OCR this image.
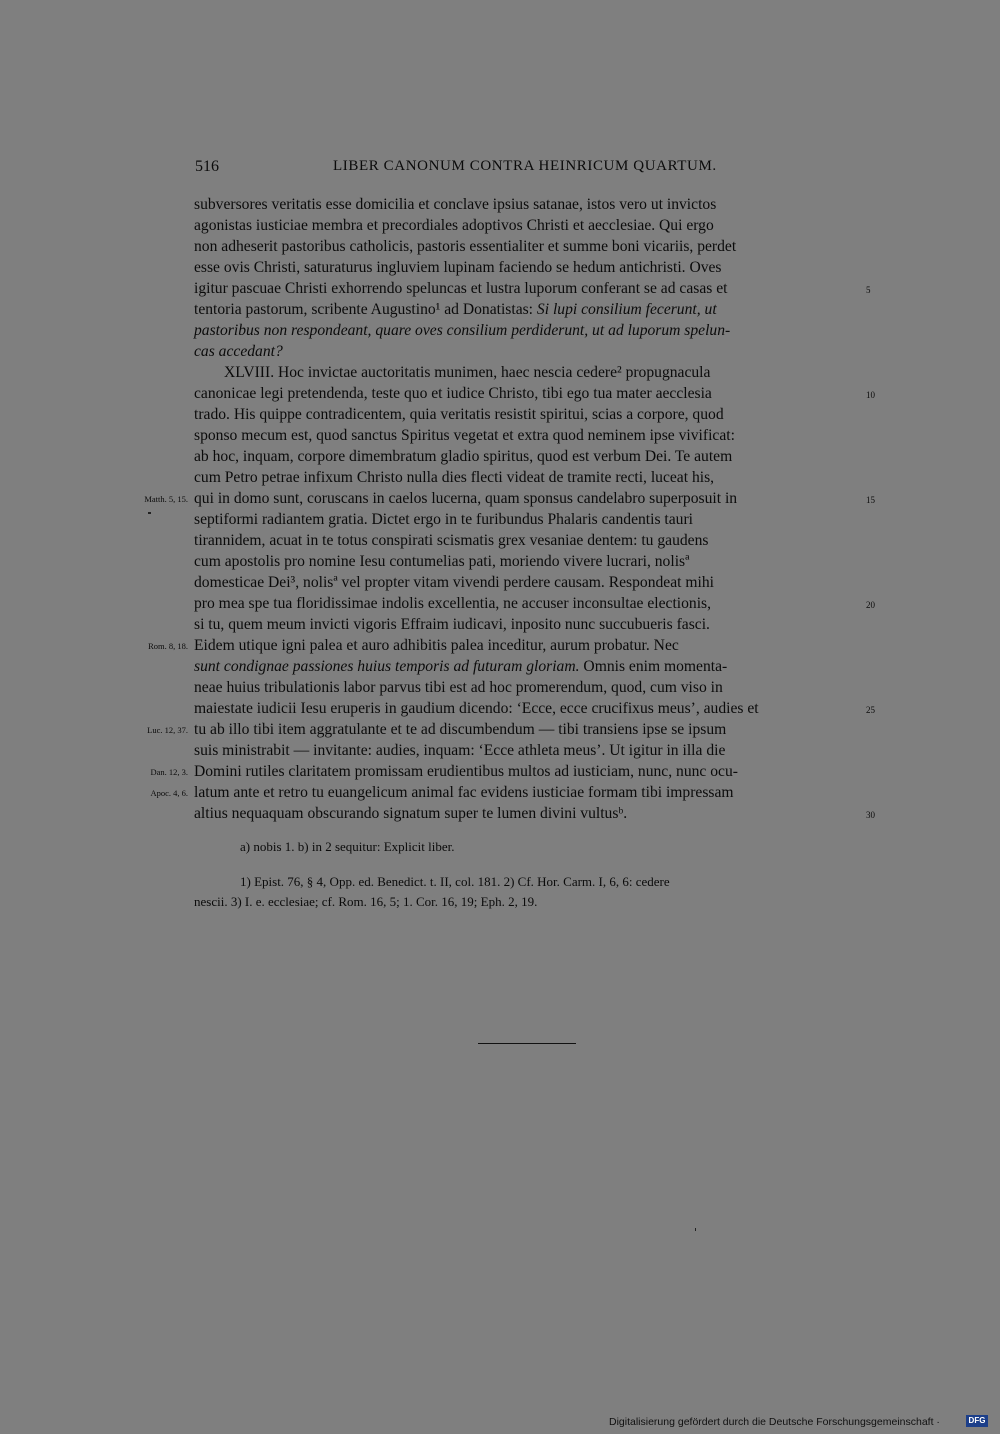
516	LIBER CANONUM CONTRA HEINRICUM QUARTUM.
subversores veritatis esse domicilia et conclave ipsius satanae, istos vero ut invictos
agonistas iusticiae membra et precordiales adoptivos Christi et aecclesiae. Qui ergo
non adheserit pastoribus catholicis, pastoris essentialiter et summe boni vicariis, perdet
esse ovis Christi, saturaturus ingluviem lupinam faciendo se hedum antichristi. Oves
igitur pascuae Christi exhorrendo speluncas et lustra luporum conferant se ad casas et
tentoria pastorum, scribente Augustino¹ ad Donatistas: Si lupi consilium fecerunt, ut
pastoribus non respondeant, quare oves consilium perdiderunt, ut ad luporum spelun-
cas accedant?
XLVIII. Hoc invictae auctoritatis munimen, haec nescia cedere² propugnacula
canonicae legi pretendenda, teste quo et iudice Christo, tibi ego tua mater aecclesia
trado. His quippe contradicentem, quia veritatis resistit spiritui, scias a corpore, quod
sponso mecum est, quod sanctus Spiritus vegetat et extra quod neminem ipse vivificat:
ab hoc, inquam, corpore dimembratum gladio spiritus, quod est verbum Dei. Te autem
cum Petro petrae infixum Christo nulla dies flecti videat de tramite recti, luceat his,
qui in domo sunt, coruscans in caelos lucerna, quam sponsus candelabro superposuit in
septiformi radiantem gratia. Dictet ergo in te furibundus Phalaris candentis tauri
tirannidem, acuat in te totus conspirati scismatis grex vesaniae dentem: tu gaudens
cum apostolis pro nomine Iesu contumelias pati, moriendo vivere lucrari, nolisª
domesticae Dei³, nolisª vel propter vitam vivendi perdere causam. Respondeat mihi
pro mea spe tua floridissimae indolis excellentia, ne accuser inconsultae electionis,
si tu, quem meum invicti vigoris Effraim iudicavi, inposito nunc succubueris fasci.
Eidem utique igni palea et auro adhibitis palea inceditur, aurum probatur. Nec
sunt condignae passiones huius temporis ad futuram gloriam. Omnis enim momenta-
neae huius tribulationis labor parvus tibi est ad hoc promerendum, quod, cum viso in
maiestate iudicii Iesu eruperis in gaudium dicendo: ‘Ecce, ecce crucifixus meus’, audies et
tu ab illo tibi item aggratulante et te ad discumbendum — tibi transiens ipse se ipsum
suis ministrabit — invitante: audies, inquam: ‘Ecce athleta meus’. Ut igitur in illa die
Domini rutiles claritatem promissam erudientibus multos ad iusticiam, nunc, nunc ocu-
latum ante et retro tu euangelicum animal fac evidens iusticiae formam tibi impressam
altius nequaquam obscurando signatum super te lumen divini vultusᵇ.
5
10
15
20
25
30
Matth. 5, 15.
Rom. 8, 18.
Luc. 12, 37.
Dan. 12, 3.
Apoc. 4, 6.
a) nobis 1. b) in 2 sequitur: Explicit liber.
1) Epist. 76, § 4, Opp. ed. Benedict. t. II, col. 181. 2) Cf. Hor. Carm. I, 6, 6: cedere
nescii. 3) I. e. ecclesiae; cf. Rom. 16, 5; 1. Cor. 16, 19; Eph. 2, 19.
Digitalisierung gefördert durch die Deutsche Forschungsgemeinschaft ·	DFG
